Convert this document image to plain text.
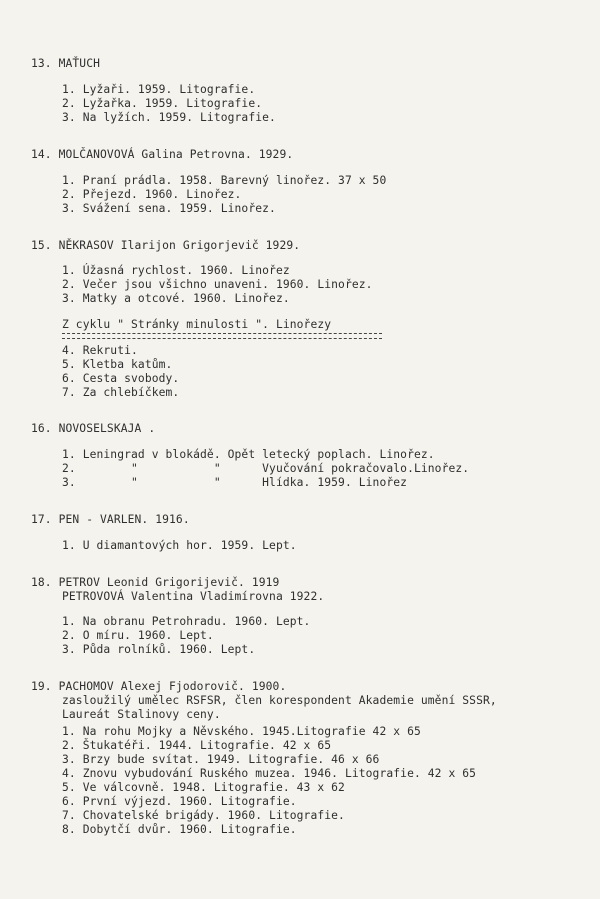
13. MAŤUCH
1. Lyžaři. 1959. Litografie.
2. Lyžařka. 1959. Litografie.
3. Na lyžích. 1959. Litografie.
14. MOLČANOVOVÁ Galina Petrovna. 1929.
1. Praní prádla. 1958. Barevný linořez. 37 x 50
2. Přejezd. 1960. Linořez.
3. Svážení sena. 1959. Linořez.
15. NĚKRASOV Ilarijon Grigorjevič 1929.
1. Úžasná rychlost. 1960. Linořez
2. Večer jsou všichno unaveni. 1960. Linořez.
3. Matky a otcové. 1960. Linořez.
Z cyklu " Stránky minulosti ". Linořezy
4. Rekruti.
5. Kletba katům.
6. Cesta svobody.
7. Za chlebíčkem.
16. NOVOSELSKAJA .
1. Leningrad v blokádě. Opět letecký poplach. Linořez.
2.        "           "      Vyučování pokračovalo.Linořez.
3.        "           "      Hlídka. 1959. Linořez
17. PEN - VARLEN. 1916.
1. U diamantových hor. 1959. Lept.
18. PETROV Leonid Grigorijevič. 1919
PETROVOVÁ Valentina Vladimírovna 1922.
1. Na obranu Petrohradu. 1960. Lept.
2. O míru. 1960. Lept.
3. Půda rolníků. 1960. Lept.
19. PACHOMOV Alexej Fjodorovič. 1900.
zasloužilý umělec RSFSR, člen korespondent Akademie umění SSSR,
Laureát Stalinovy ceny.
1. Na rohu Mojky a Něvského. 1945.Litografie 42 x 65
2. Štukatéři. 1944. Litografie. 42 x 65
3. Brzy bude svítat. 1949. Litografie. 46 x 66
4. Znovu vybudování Ruského muzea. 1946. Litografie. 42 x 65
5. Ve válcovně. 1948. Litografie. 43 x 62
6. První výjezd. 1960. Litografie.
7. Chovatelské brigády. 1960. Litografie.
8. Dobytčí dvůr. 1960. Litografie.
